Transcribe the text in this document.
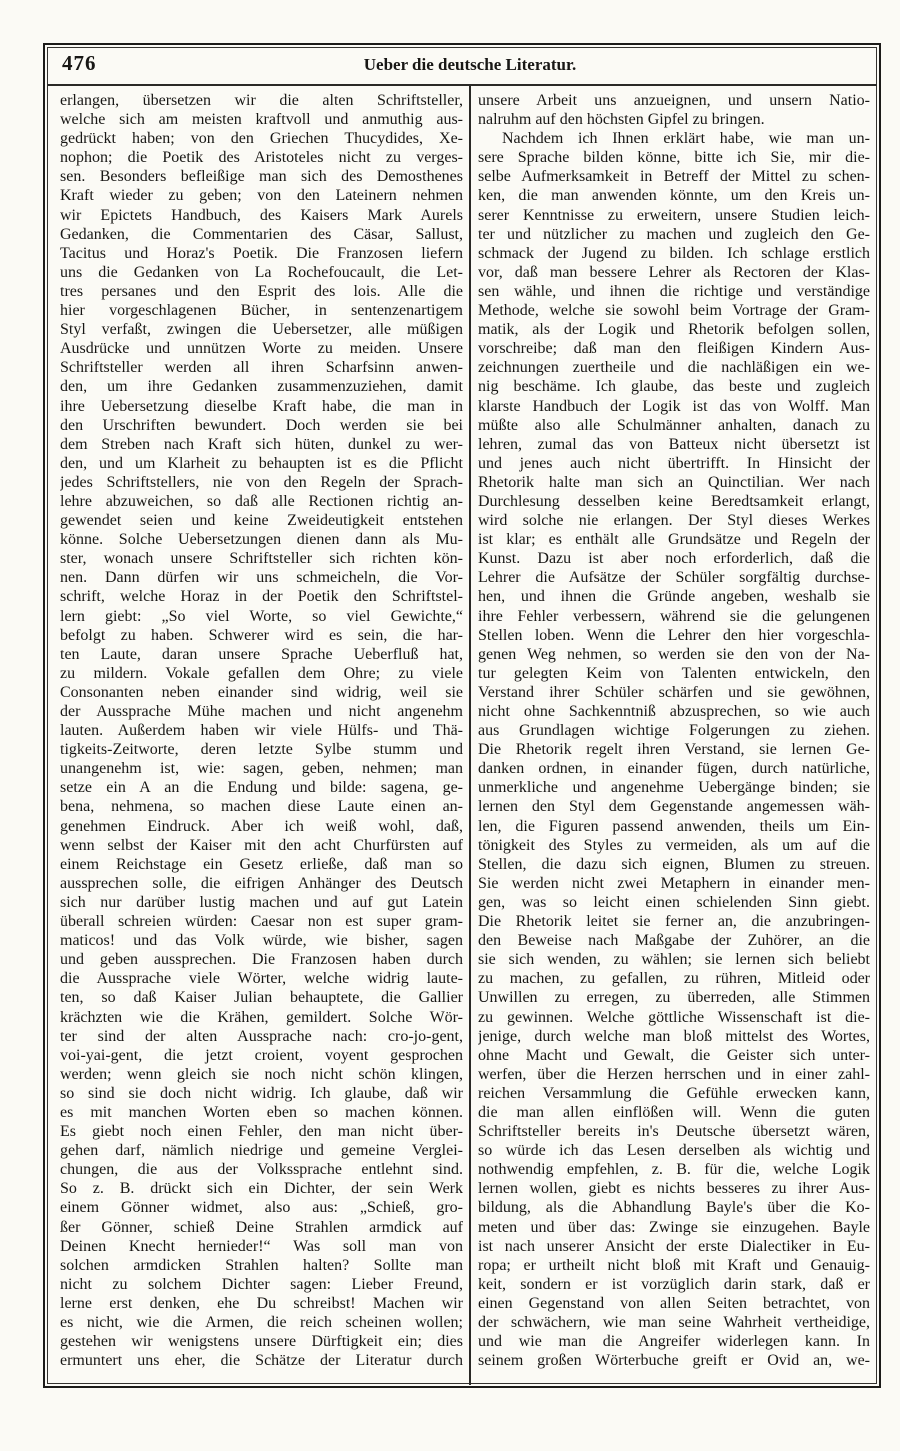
476	Ueber die deutsche Literatur.
erlangen, übersetzen wir die alten Schriftsteller,
welche sich am meisten kraftvoll und anmuthig aus-
gedrückt haben; von den Griechen Thucydides, Xe-
nophon; die Poetik des Aristoteles nicht zu verges-
sen. Besonders befleißige man sich des Demosthenes
Kraft wieder zu geben; von den Lateinern nehmen
wir Epictets Handbuch, des Kaisers Mark Aurels
Gedanken, die Commentarien des Cäsar, Sallust,
Tacitus und Horaz's Poetik. Die Franzosen liefern
uns die Gedanken von La Rochefoucault, die Let-
tres persanes und den Esprit des lois. Alle die
hier vorgeschlagenen Bücher, in sentenzenartigem
Styl verfaßt, zwingen die Uebersetzer, alle müßigen
Ausdrücke und unnützen Worte zu meiden. Unsere
Schriftsteller werden all ihren Scharfsinn anwen-
den, um ihre Gedanken zusammenzuziehen, damit
ihre Uebersetzung dieselbe Kraft habe, die man in
den Urschriften bewundert. Doch werden sie bei
dem Streben nach Kraft sich hüten, dunkel zu wer-
den, und um Klarheit zu behaupten ist es die Pflicht
jedes Schriftstellers, nie von den Regeln der Sprach-
lehre abzuweichen, so daß alle Rectionen richtig an-
gewendet seien und keine Zweideutigkeit entstehen
könne. Solche Uebersetzungen dienen dann als Mu-
ster, wonach unsere Schriftsteller sich richten kön-
nen. Dann dürfen wir uns schmeicheln, die Vor-
schrift, welche Horaz in der Poetik den Schriftstel-
lern giebt: „So viel Worte, so viel Gewichte,“
befolgt zu haben. Schwerer wird es sein, die har-
ten Laute, daran unsere Sprache Ueberfluß hat,
zu mildern. Vokale gefallen dem Ohre; zu viele
Consonanten neben einander sind widrig, weil sie
der Aussprache Mühe machen und nicht angenehm
lauten. Außerdem haben wir viele Hülfs- und Thä-
tigkeits-Zeitworte, deren letzte Sylbe stumm und
unangenehm ist, wie: sagen, geben, nehmen; man
setze ein A an die Endung und bilde: sagena, ge-
bena, nehmena, so machen diese Laute einen an-
genehmen Eindruck. Aber ich weiß wohl, daß,
wenn selbst der Kaiser mit den acht Churfürsten auf
einem Reichstage ein Gesetz erließe, daß man so
aussprechen solle, die eifrigen Anhänger des Deutsch
sich nur darüber lustig machen und auf gut Latein
überall schreien würden: Caesar non est super gram-
maticos! und das Volk würde, wie bisher, sagen
und geben aussprechen. Die Franzosen haben durch
die Aussprache viele Wörter, welche widrig laute-
ten, so daß Kaiser Julian behauptete, die Gallier
krächzten wie die Krähen, gemildert. Solche Wör-
ter sind der alten Aussprache nach: cro-jo-gent,
voi-yai-gent, die jetzt croient, voyent gesprochen
werden; wenn gleich sie noch nicht schön klingen,
so sind sie doch nicht widrig. Ich glaube, daß wir
es mit manchen Worten eben so machen können.
Es giebt noch einen Fehler, den man nicht über-
gehen darf, nämlich niedrige und gemeine Verglei-
chungen, die aus der Volkssprache entlehnt sind.
So z. B. drückt sich ein Dichter, der sein Werk
einem Gönner widmet, also aus: „Schieß, gro-
ßer Gönner, schieß Deine Strahlen armdick auf
Deinen Knecht hernieder!“ Was soll man von
solchen armdicken Strahlen halten? Sollte man
nicht zu solchem Dichter sagen: Lieber Freund,
lerne erst denken, ehe Du schreibst! Machen wir
es nicht, wie die Armen, die reich scheinen wollen;
gestehen wir wenigstens unsere Dürftigkeit ein; dies
ermuntert uns eher, die Schätze der Literatur durch
unsere Arbeit uns anzueignen, und unsern Natio-
nalruhm auf den höchsten Gipfel zu bringen.
Nachdem ich Ihnen erklärt habe, wie man un-
sere Sprache bilden könne, bitte ich Sie, mir die-
selbe Aufmerksamkeit in Betreff der Mittel zu schen-
ken, die man anwenden könnte, um den Kreis un-
serer Kenntnisse zu erweitern, unsere Studien leich-
ter und nützlicher zu machen und zugleich den Ge-
schmack der Jugend zu bilden. Ich schlage erstlich
vor, daß man bessere Lehrer als Rectoren der Klas-
sen wähle, und ihnen die richtige und verständige
Methode, welche sie sowohl beim Vortrage der Gram-
matik, als der Logik und Rhetorik befolgen sollen,
vorschreibe; daß man den fleißigen Kindern Aus-
zeichnungen zuertheile und die nachläßigen ein we-
nig beschäme. Ich glaube, das beste und zugleich
klarste Handbuch der Logik ist das von Wolff. Man
müßte also alle Schulmänner anhalten, danach zu
lehren, zumal das von Batteux nicht übersetzt ist
und jenes auch nicht übertrifft. In Hinsicht der
Rhetorik halte man sich an Quinctilian. Wer nach
Durchlesung desselben keine Beredtsamkeit erlangt,
wird solche nie erlangen. Der Styl dieses Werkes
ist klar; es enthält alle Grundsätze und Regeln der
Kunst. Dazu ist aber noch erforderlich, daß die
Lehrer die Aufsätze der Schüler sorgfältig durchse-
hen, und ihnen die Gründe angeben, weshalb sie
ihre Fehler verbessern, während sie die gelungenen
Stellen loben. Wenn die Lehrer den hier vorgeschla-
genen Weg nehmen, so werden sie den von der Na-
tur gelegten Keim von Talenten entwickeln, den
Verstand ihrer Schüler schärfen und sie gewöhnen,
nicht ohne Sachkenntniß abzusprechen, so wie auch
aus Grundlagen wichtige Folgerungen zu ziehen.
Die Rhetorik regelt ihren Verstand, sie lernen Ge-
danken ordnen, in einander fügen, durch natürliche,
unmerkliche und angenehme Uebergänge binden; sie
lernen den Styl dem Gegenstande angemessen wäh-
len, die Figuren passend anwenden, theils um Ein-
tönigkeit des Styles zu vermeiden, als um auf die
Stellen, die dazu sich eignen, Blumen zu streuen.
Sie werden nicht zwei Metaphern in einander men-
gen, was so leicht einen schielenden Sinn giebt.
Die Rhetorik leitet sie ferner an, die anzubringen-
den Beweise nach Maßgabe der Zuhörer, an die
sie sich wenden, zu wählen; sie lernen sich beliebt
zu machen, zu gefallen, zu rühren, Mitleid oder
Unwillen zu erregen, zu überreden, alle Stimmen
zu gewinnen. Welche göttliche Wissenschaft ist die-
jenige, durch welche man bloß mittelst des Wortes,
ohne Macht und Gewalt, die Geister sich unter-
werfen, über die Herzen herrschen und in einer zahl-
reichen Versammlung die Gefühle erwecken kann,
die man allen einflößen will. Wenn die guten
Schriftsteller bereits in's Deutsche übersetzt wären,
so würde ich das Lesen derselben als wichtig und
nothwendig empfehlen, z. B. für die, welche Logik
lernen wollen, giebt es nichts besseres zu ihrer Aus-
bildung, als die Abhandlung Bayle's über die Ko-
meten und über das: Zwinge sie einzugehen. Bayle
ist nach unserer Ansicht der erste Dialectiker in Eu-
ropa; er urtheilt nicht bloß mit Kraft und Genauig-
keit, sondern er ist vorzüglich darin stark, daß er
einen Gegenstand von allen Seiten betrachtet, von
der schwächern, wie man seine Wahrheit vertheidige,
und wie man die Angreifer widerlegen kann. In
seinem großen Wörterbuche greift er Ovid an, we-
